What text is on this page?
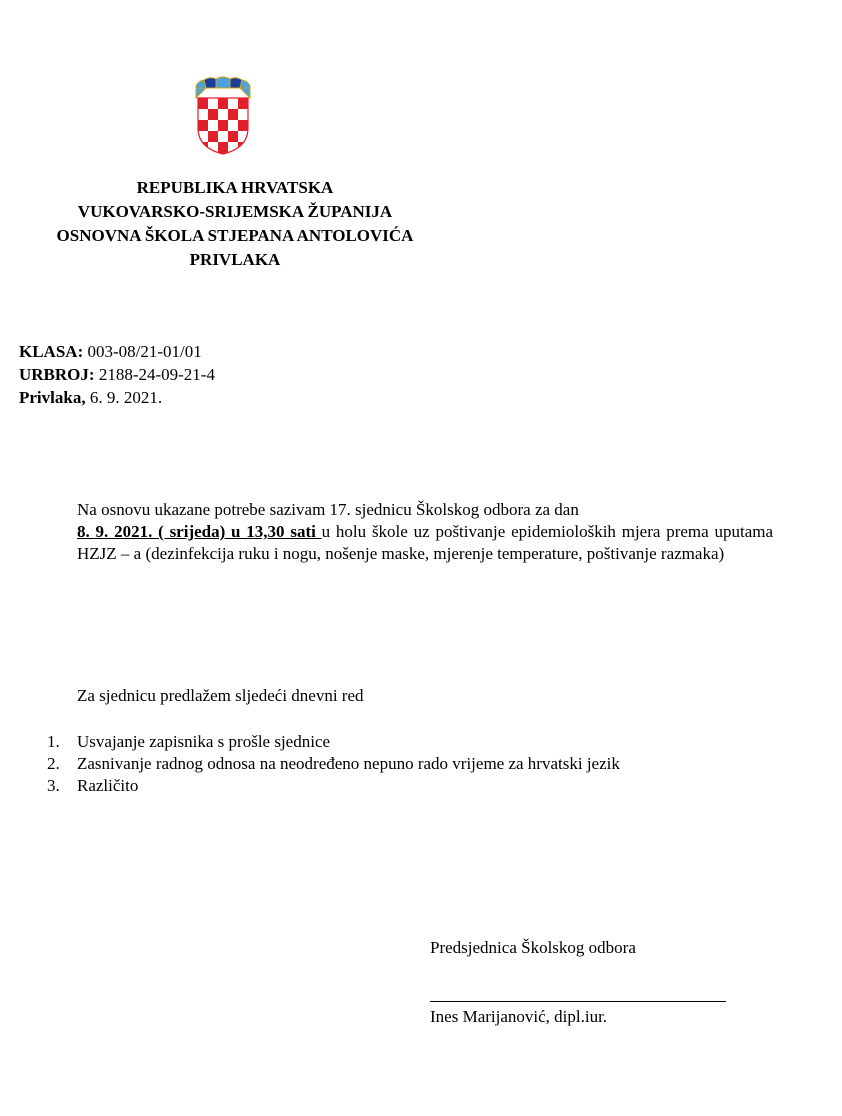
REPUBLIKA HRVATSKA
VUKOVARSKO-SRIJEMSKA ŽUPANIJA
OSNOVNA ŠKOLA STJEPANA ANTOLOVIĆA
PRIVLAKA
KLASA: 003-08/21-01/01
URBROJ: 2188-24-09-21-4
Privlaka, 6. 9. 2021.

Na osnovu ukazane potrebe sazivam 17. sjednicu Školskog odbora za dan

8. 9. 2021. ( srijeda) u 13,30 sati u holu škole uz poštivanje epidemioloških mjera prema uputama HZJZ – a (dezinfekcija ruku i nogu, nošenje maske, mjerenje temperature, poštivanje razmaka)

Za sjednicu predlažem sljedeći dnevni red
1.	Usvajanje zapisnika s prošle sjednice
2.	Zasnivanje radnog odnosa na neodređeno nepuno rado vrijeme za hrvatski jezik
3.	Različito
Predsjednica Školskog odbora
Ines Marijanović, dipl.iur.
